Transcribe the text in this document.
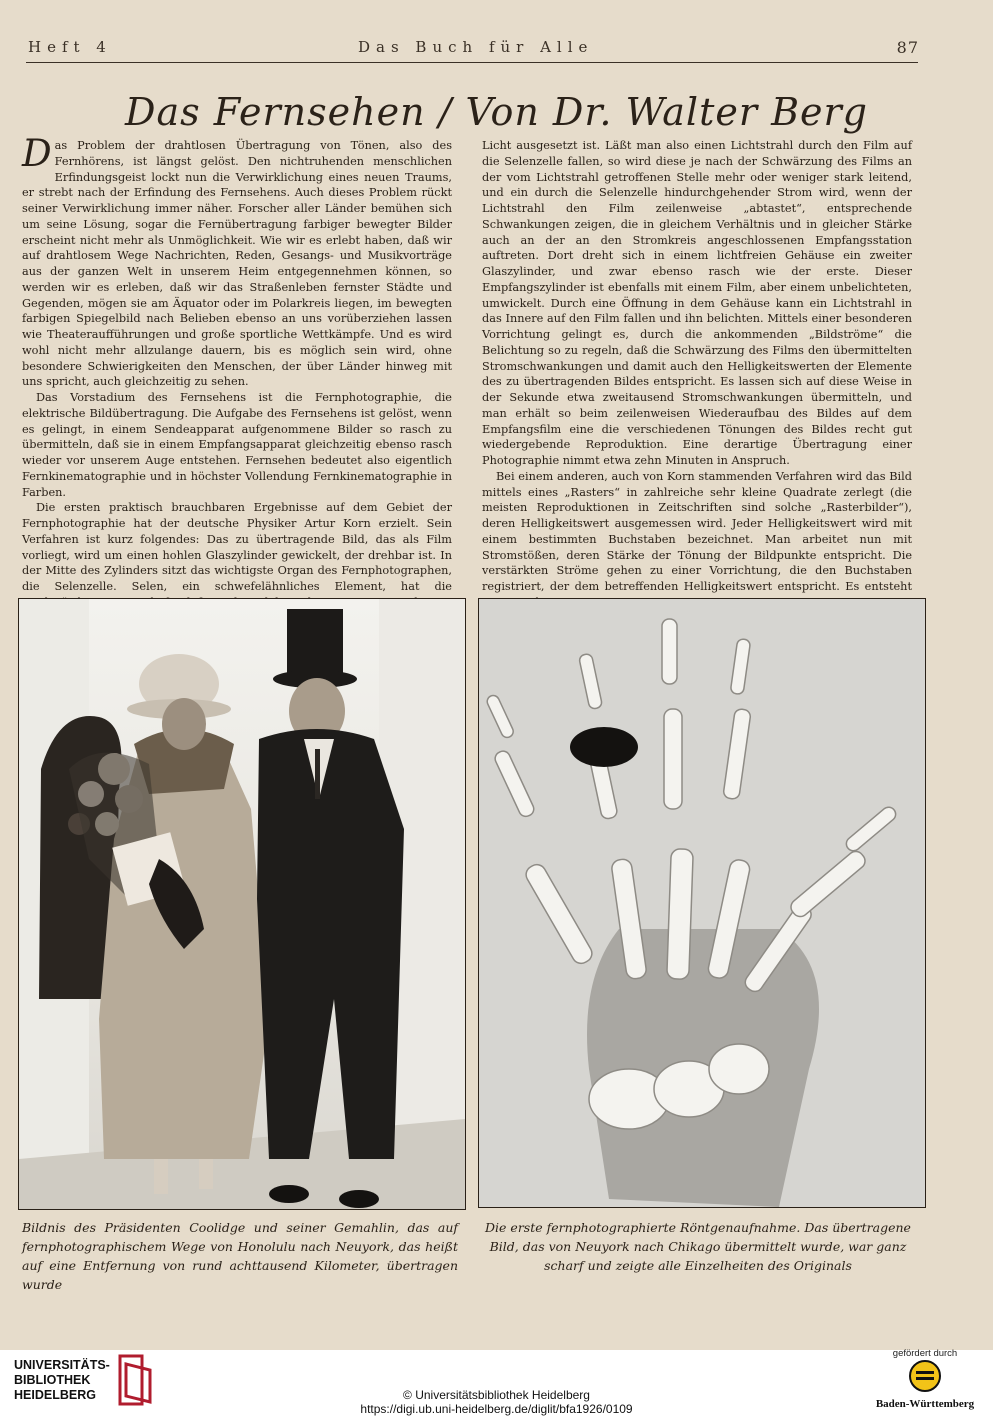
Heft 4	Das Buch für Alle	87
Das Fernsehen / Von Dr. Walter Berg

Das Problem der drahtlosen Übertragung von Tönen, also des Fernhörens, ist längst gelöst. Den nichtruhenden menschlichen Erfindungsgeist lockt nun die Verwirklichung eines neuen Traums, er strebt nach der Erfindung des Fernsehens. Auch dieses Problem rückt seiner Verwirklichung immer näher. Forscher aller Länder bemühen sich um seine Lösung, sogar die Fernübertragung farbiger bewegter Bilder erscheint nicht mehr als Unmöglichkeit. Wie wir es erlebt haben, daß wir auf drahtlosem Wege Nachrichten, Reden, Gesangs- und Musikvorträge aus der ganzen Welt in unserem Heim entgegennehmen können, so werden wir es erleben, daß wir das Straßenleben fernster Städte und Gegenden, mögen sie am Äquator oder im Polarkreis liegen, im bewegten farbigen Spiegelbild nach Belieben ebenso an uns vorüberziehen lassen wie Theateraufführungen und große sportliche Wettkämpfe. Und es wird wohl nicht mehr allzulange dauern, bis es möglich sein wird, ohne besondere Schwierigkeiten den Menschen, der über Länder hinweg mit uns spricht, auch gleichzeitig zu sehen.

Das Vorstadium des Fernsehens ist die Fernphotographie, die elektrische Bildübertragung. Die Aufgabe des Fernsehens ist gelöst, wenn es gelingt, in einem Sendeapparat aufgenommene Bilder so rasch zu übermitteln, daß sie in einem Empfangsapparat gleichzeitig ebenso rasch wieder vor unserem Auge entstehen. Fernsehen bedeutet also eigentlich Fernkinematographie und in höchster Vollendung Fernkinematographie in Farben.

Die ersten praktisch brauchbaren Ergebnisse auf dem Gebiet der Fernphotographie hat der deutsche Physiker Artur Korn erzielt. Sein Verfahren ist kurz folgendes: Das zu übertragende Bild, das als Film vorliegt, wird um einen hohlen Glaszylinder gewickelt, der drehbar ist. In der Mitte des Zylinders sitzt das wichtigste Organ des Fernphotographen, die Selenzelle. Selen, ein schwefelähnliches Element, hat die

Licht ausgesetzt ist. Läßt man also einen Lichtstrahl durch den Film auf die Selenzelle fallen, so wird diese je nach der Schwärzung des Films an der vom Lichtstrahl getroffenen Stelle mehr oder weniger stark leitend, und ein durch die Selenzelle hindurchgehender Strom wird, wenn der Lichtstrahl den Film zeilenweise „abtastet“, entsprechende Schwankungen zeigen, die in gleichem Verhältnis und in gleicher Stärke auch an der an den Stromkreis angeschlossenen Empfangsstation auftreten. Dort dreht sich in einem lichtfreien Gehäuse ein zweiter Glaszylinder, und zwar ebenso rasch wie der erste. Dieser Empfangszylinder ist ebenfalls mit einem Film, aber einem unbelichteten, umwickelt. Durch eine Öffnung in dem Gehäuse kann ein Lichtstrahl in das Innere auf den Film fallen und ihn belichten. Mittels einer besonderen Vorrichtung gelingt es, durch die ankommenden „Bildströme“ die Belichtung so zu regeln, daß die Schwärzung des Films den übermittelten Stromschwankungen und damit auch den Helligkeitswerten der Elemente des zu übertragenden Bildes entspricht. Es lassen sich auf diese Weise in der Sekunde etwa zweitausend Stromschwankungen übermitteln, und man erhält so beim zeilenweisen Wiederaufbau des Bildes auf dem Empfangsfilm eine die verschiedenen Tönungen des Bildes recht gut wiedergebende Reproduktion. Eine derartige Übertragung einer Photographie nimmt etwa zehn Minuten in Anspruch.

Bei einem anderen, auch von Korn stammenden Verfahren wird das Bild mittels eines „Rasters“ in zahlreiche sehr kleine Quadrate zerlegt (die meisten Reproduktionen in Zeitschriften sind solche „Rasterbilder“), deren Helligkeitswert ausgemessen wird. Jeder Helligkeitswert wird mit einem bestimmten Buchstaben bezeichnet. Man arbeitet nun mit Stromstößen, deren Stärke der Tönung der Bildpunkte entspricht. Die verstärkten Ströme gehen zu einer Vorrichtung, die den Buchstaben registriert, der dem betreffenden Helligkeitswert entspricht. Es entsteht

Bildnis des Präsidenten Coolidge und seiner Gemahlin, das auf fernphotographischem Wege von Honolulu nach Neuyork, das heißt auf eine Entfernung von rund achttausend Kilometer, übertragen wurde
Die erste fernphotographierte Röntgenaufnahme. Das übertragene Bild, das von Neuyork nach Chikago übermittelt wurde, war ganz scharf und zeigte alle Einzelheiten des Originals
UNIVERSITÄTS-
BIBLIOTHEK
HEIDELBERG	© Universitätsbibliothek Heidelberg
https://digi.ub.uni-heidelberg.de/diglit/bfa1926/0109
gefördert durch
Baden-Württemberg
